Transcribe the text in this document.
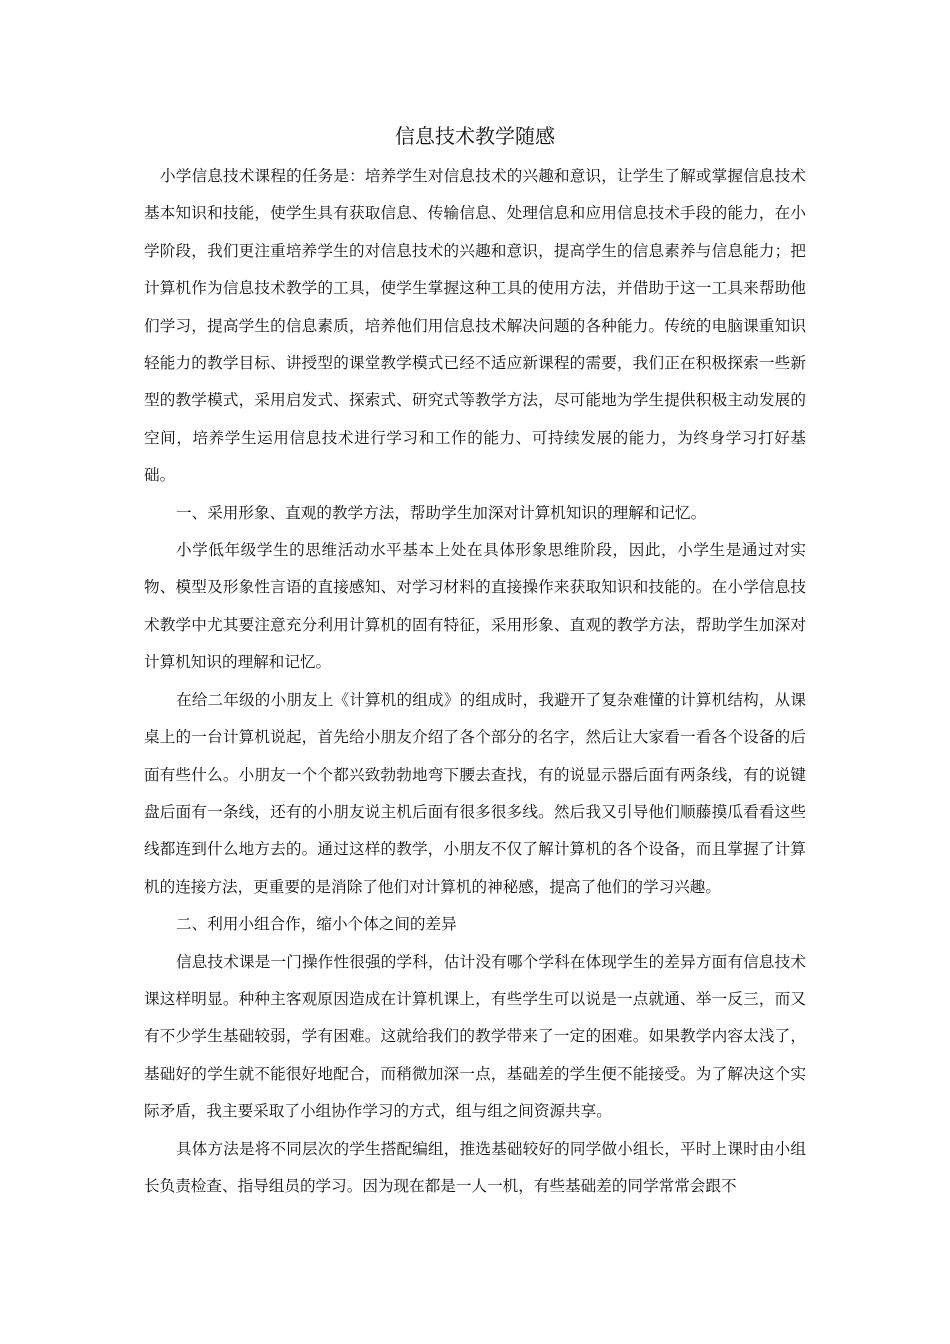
信息技术教学随感

小学信息技术课程的任务是：培养学生对信息技术的兴趣和意识，让学生了解或掌握信息技术基本知识和技能，使学生具有获取信息、传输信息、处理信息和应用信息技术手段的能力，在小学阶段，我们更注重培养学生的对信息技术的兴趣和意识，提高学生的信息素养与信息能力；把计算机作为信息技术教学的工具，使学生掌握这种工具的使用方法，并借助于这一工具来帮助他们学习，提高学生的信息素质，培养他们用信息技术解决问题的各种能力。传统的电脑课重知识轻能力的教学目标、讲授型的课堂教学模式已经不适应新课程的需要，我们正在积极探索一些新型的教学模式，采用启发式、探索式、研究式等教学方法，尽可能地为学生提供积极主动发展的空间，培养学生运用信息技术进行学习和工作的能力、可持续发展的能力，为终身学习打好基础。

一、采用形象、直观的教学方法，帮助学生加深对计算机知识的理解和记忆。

小学低年级学生的思维活动水平基本上处在具体形象思维阶段，因此，小学生是通过对实物、模型及形象性言语的直接感知、对学习材料的直接操作来获取知识和技能的。在小学信息技术教学中尤其要注意充分利用计算机的固有特征，采用形象、直观的教学方法，帮助学生加深对计算机知识的理解和记忆。

在给二年级的小朋友上《计算机的组成》的组成时，我避开了复杂难懂的计算机结构，从课桌上的一台计算机说起，首先给小朋友介绍了各个部分的名字，然后让大家看一看各个设备的后面有些什么。小朋友一个个都兴致勃勃地弯下腰去查找，有的说显示器后面有两条线，有的说键盘后面有一条线，还有的小朋友说主机后面有很多很多线。然后我又引导他们顺藤摸瓜看看这些线都连到什么地方去的。通过这样的教学，小朋友不仅了解计算机的各个设备，而且掌握了计算机的连接方法，更重要的是消除了他们对计算机的神秘感，提高了他们的学习兴趣。

二、利用小组合作，缩小个体之间的差异

信息技术课是一门操作性很强的学科，估计没有哪个学科在体现学生的差异方面有信息技术课这样明显。种种主客观原因造成在计算机课上，有些学生可以说是一点就通、举一反三，而又有不少学生基础较弱，学有困难。这就给我们的教学带来了一定的困难。如果教学内容太浅了，基础好的学生就不能很好地配合，而稍微加深一点，基础差的学生便不能接受。为了解决这个实际矛盾，我主要采取了小组协作学习的方式，组与组之间资源共享。

具体方法是将不同层次的学生搭配编组，推选基础较好的同学做小组长，平时上课时由小组长负责检查、指导组员的学习。因为现在都是一人一机，有些基础差的同学常常会跟不
